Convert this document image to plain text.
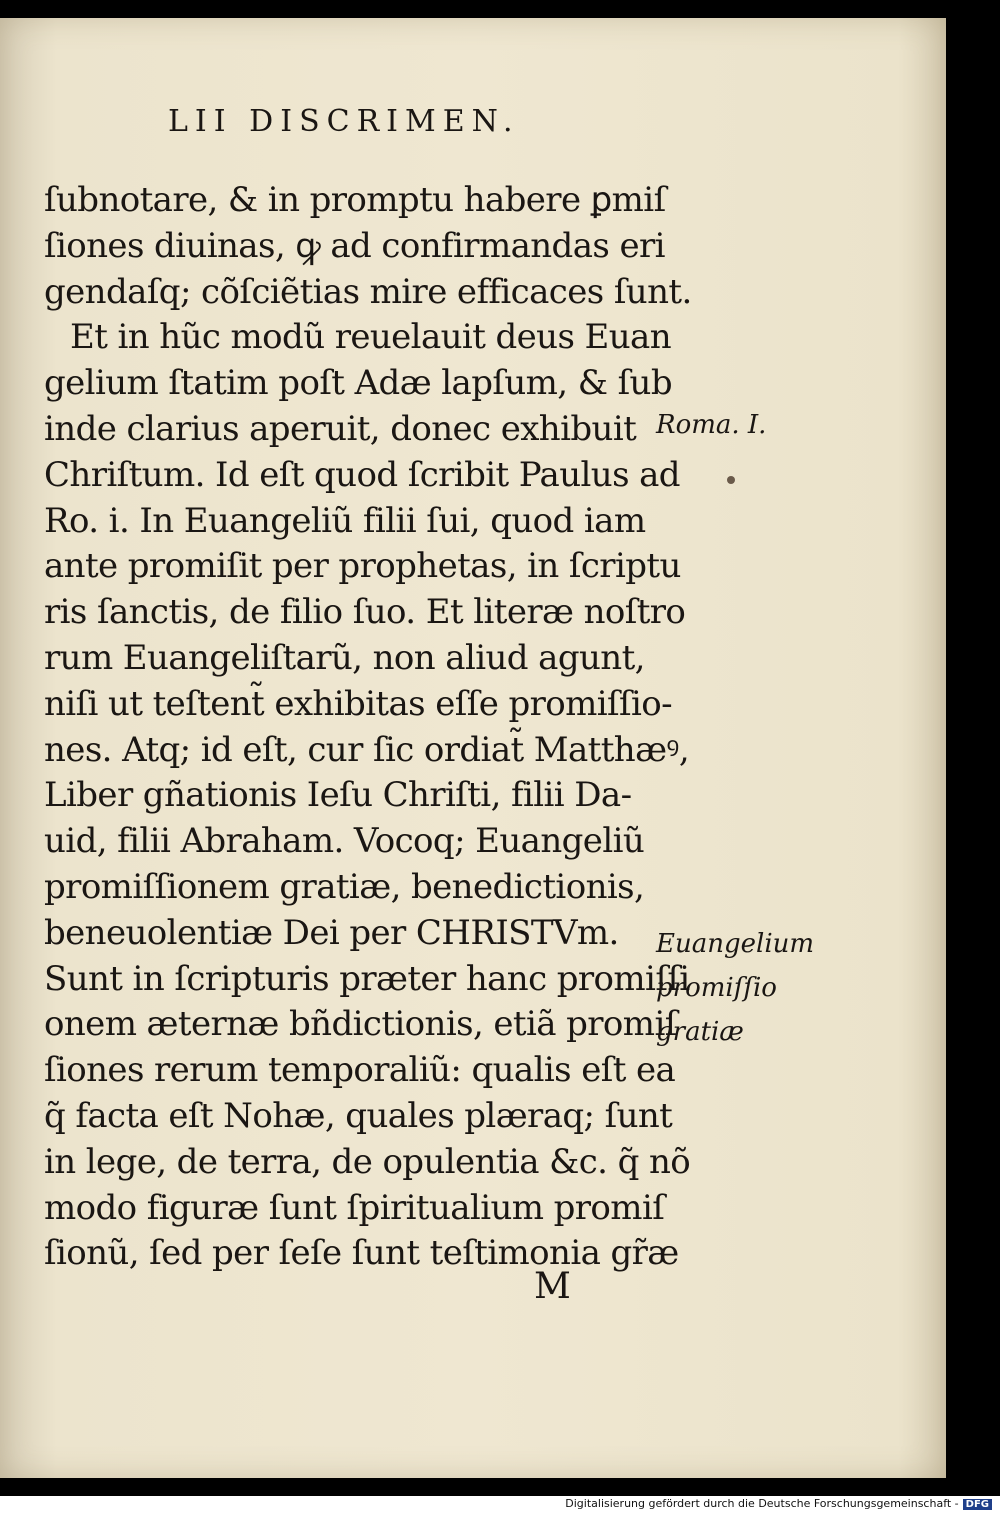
LII DISCRIMEN.
ſubnotare, & in promptu habere ꝑmiſ
ſiones diuinas, ꝙ ad confirmandas eri
gendaſq; cõſciẽtias mire efficaces ſunt.
Et in hũc modũ reuelauit deus Euan
gelium ſtatim poſt Adæ lapſum, & ſub
inde clarius aperuit, donec exhibuit
Chriſtum. Id eſt quod ſcribit Paulus ad
Ro. i. In Euangeliũ filii ſui, quod iam
ante promiſit per prophetas, in ſcriptu
ris ſanctis, de filio ſuo. Et literæ noſtro
rum Euangeliſtarũ, non aliud agunt,
niſi ut teſtent̃ exhibitas eſſe promiſſio-
nes. Atq; id eſt, cur ſic ordiat̃ Matthæꝰ,
Liber gñationis Ieſu Chriſti, filii Da-
uid, filii Abraham. Vocoq; Euangeliũ
promiſſionem gratiæ, benedictionis,
beneuolentiæ Dei per CHRISTVm.
Sunt in ſcripturis præter hanc promiſſi
onem æternæ bñdictionis, etiã promiſ
ſiones rerum temporaliũ: qualis eſt ea
q̃ facta eſt Nohæ, quales plæraq; ſunt
in lege, de terra, de opulentia &c. q̃ nõ
modo figuræ ſunt ſpiritualium promiſ
ſionũ, ſed per ſeſe ſunt teſtimonia gr̃æ
Roma. I.
Euangelium
promiſſio
gratiæ
M
Digitalisierung gefördert durch die Deutsche Forschungsgemeinschaft - DFG
